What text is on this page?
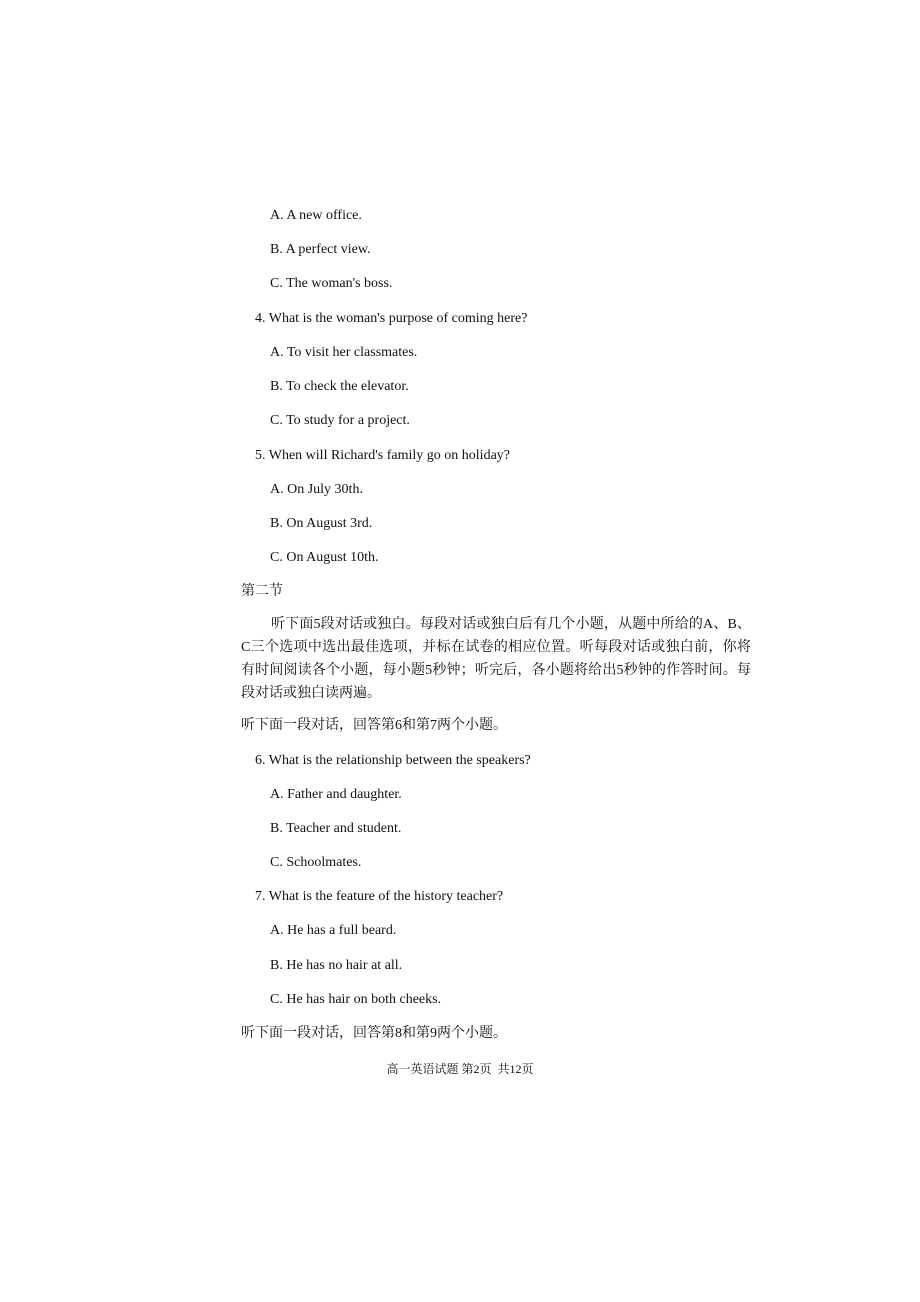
A. A new office.
B. A perfect view.
C. The woman's boss.
4. What is the woman's purpose of coming here?
A. To visit her classmates.
B. To check the elevator.
C. To study for a project.
5. When will Richard's family go on holiday?
A. On July 30th.
B. On August 3rd.
C. On August 10th.
第二节
听下面5段对话或独白。每段对话或独白后有几个小题，从题中所给的A、B、C三个选项中选出最佳选项，并标在试卷的相应位置。听每段对话或独白前，你将有时间阅读各个小题，每小题5秒钟；听完后，各小题将给出5秒钟的作答时间。每段对话或独白读两遍。
听下面一段对话，回答第6和第7两个小题。
6. What is the relationship between the speakers?
A. Father and daughter.
B. Teacher and student.
C. Schoolmates.
7. What is the feature of the history teacher?
A. He has a full beard.
B. He has no hair at all.
C. He has hair on both cheeks.
听下面一段对话，回答第8和第9两个小题。
高一英语试题 第2页  共12页
